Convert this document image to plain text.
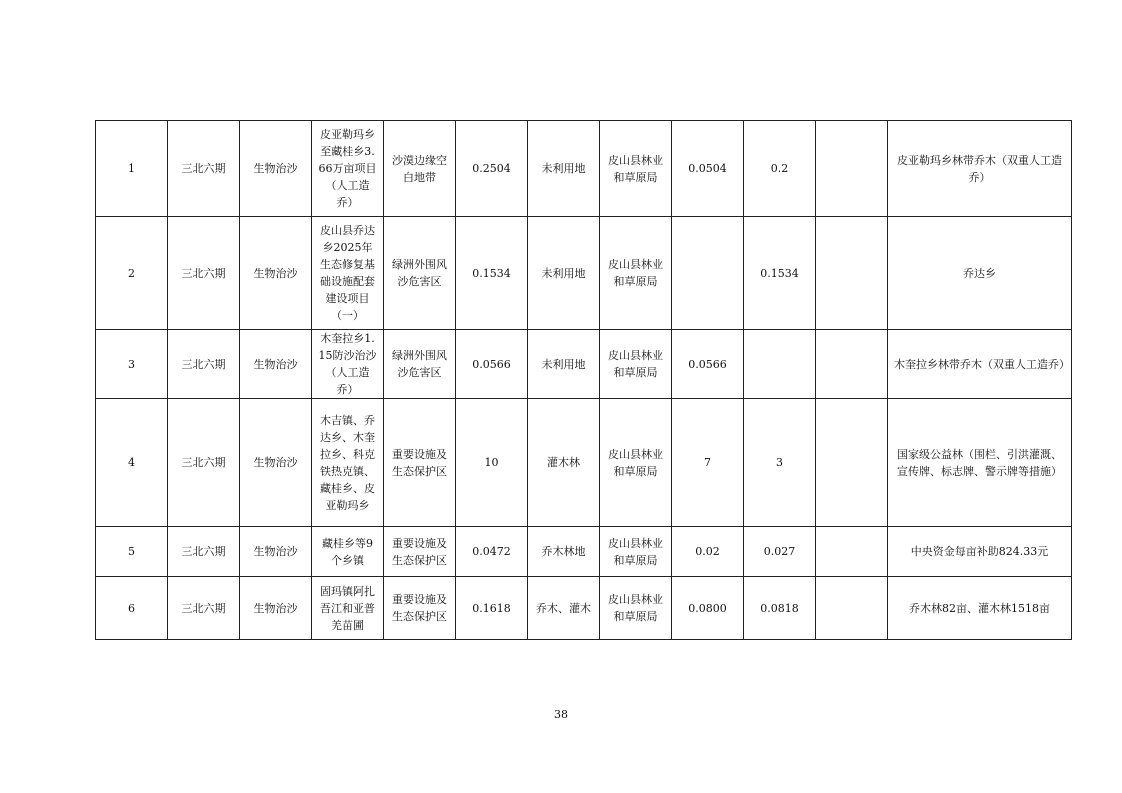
1	三北六期	生物治沙	皮亚勒玛乡至藏桂乡3.66万亩项目（人工造乔）	沙漠边缘空白地带	0.2504	未利用地	皮山县林业和草原局	0.0504	0.2		皮亚勒玛乡林带乔木（双重人工造乔）
2	三北六期	生物治沙	皮山县乔达乡2025年生态修复基础设施配套建设项目（一）	绿洲外围风沙危害区	0.1534	未利用地	皮山县林业和草原局		0.1534		乔达乡
3	三北六期	生物治沙	木奎拉乡1.15防沙治沙（人工造乔）	绿洲外围风沙危害区	0.0566	未利用地	皮山县林业和草原局	0.0566			木奎拉乡林带乔木（双重人工造乔）
4	三北六期	生物治沙	木吉镇、乔达乡、木奎拉乡、科克铁热克镇、藏桂乡、皮亚勒玛乡	重要设施及生态保护区	10	灌木林	皮山县林业和草原局	7	3		国家级公益林（围栏、引洪灌溉、宣传牌、标志牌、警示牌等措施）
5	三北六期	生物治沙	藏桂乡等9个乡镇	重要设施及生态保护区	0.0472	乔木林地	皮山县林业和草原局	0.02	0.027		中央资金每亩补助824.33元
6	三北六期	生物治沙	固玛镇阿扎吾江和亚普羌苗圃	重要设施及生态保护区	0.1618	乔木、灌木	皮山县林业和草原局	0.0800	0.0818		乔木林82亩、灌木林1518亩
38
